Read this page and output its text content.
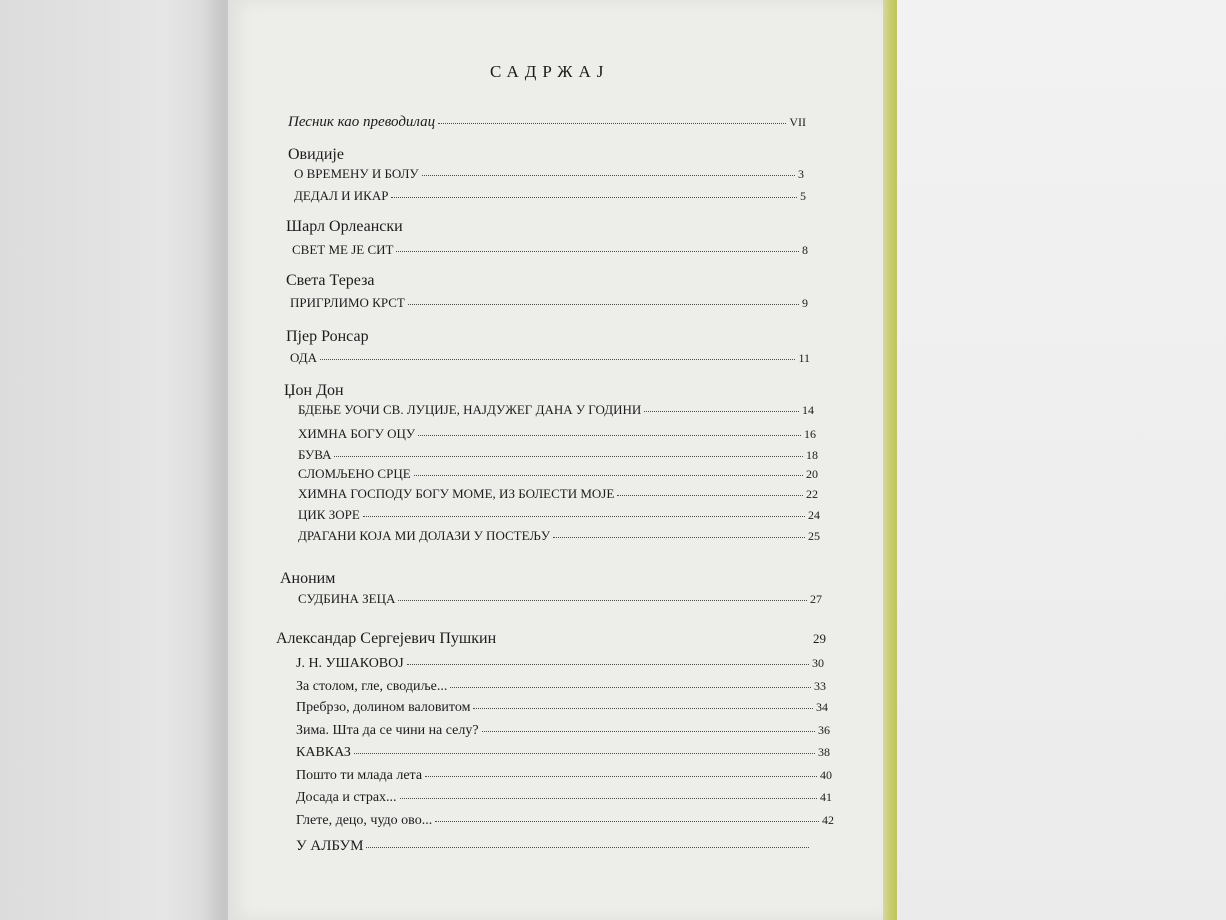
САДРЖАЈ
Песник као преводилац	VII
Овидије
О ВРЕМЕНУ И БОЛУ	3
ДЕДАЛ И ИКАР	5
Шарл Орлеански
СВЕТ МЕ ЈЕ СИТ	8
Света Тереза
ПРИГРЛИМО КРСТ	9
Пјер Ронсар
ОДА	11
Џон Дон
БДЕЊЕ УОЧИ СВ. ЛУЦИЈЕ, НАЈДУЖЕГ ДАНА У ГОДИНИ	14
ХИМНА БОГУ ОЦУ	16
БУВА	18
СЛОМЉЕНО СРЦЕ	20
ХИМНА ГОСПОДУ БОГУ МОМЕ, ИЗ БОЛЕСТИ МОЈЕ	22
ЦИК ЗОРЕ	24
ДРАГАНИ КОЈА МИ ДОЛАЗИ У ПОСТЕЉУ	25
Аноним
СУДБИНА ЗЕЦА	27
Александар Сергејевич Пушкин	29
Ј. Н. УШАКОВОЈ	30
За столом, гле, сводиље...	33
Пребрзо, долином валовитом	34
Зима. Шта да се чини на селу?	36
КАВКАЗ	38
Пошто ти млада лета	40
Досада и страх...	41
Глете, децо, чудо ово...	42
У АЛБУМ
